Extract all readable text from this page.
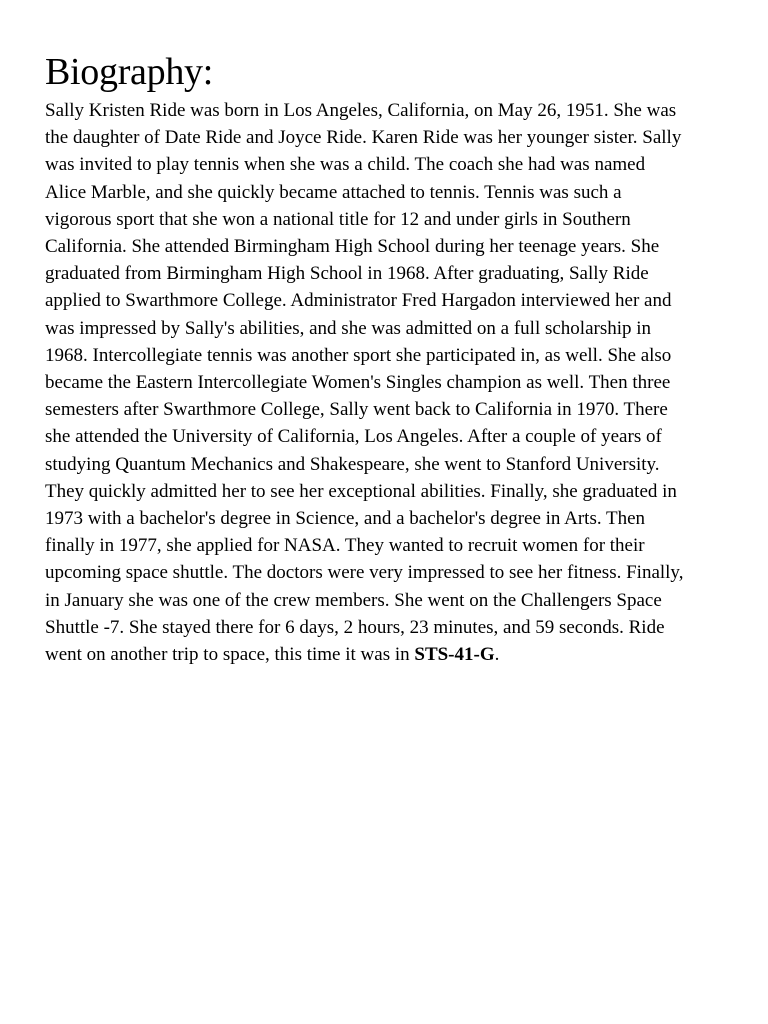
Biography:

Sally Kristen Ride was born in Los Angeles, California, on May 26, 1951. She was
the daughter of Date Ride and Joyce Ride. Karen Ride was her younger sister. Sally
was invited to play tennis when she was a child. The coach she had was named
Alice Marble, and she quickly became attached to tennis. Tennis was such a
vigorous sport that she won a national title for 12 and under girls in Southern
California. She attended Birmingham High School during her teenage years. She
graduated from Birmingham High School in 1968. After graduating, Sally Ride
applied to Swarthmore College. Administrator Fred Hargadon interviewed her and
was impressed by Sally's abilities, and she was admitted on a full scholarship in
1968. Intercollegiate tennis was another sport she participated in, as well. She also
became the Eastern Intercollegiate Women's Singles champion as well. Then three
semesters after Swarthmore College, Sally went back to California in 1970. There
she attended the University of California, Los Angeles. After a couple of years of
studying Quantum Mechanics and Shakespeare, she went to Stanford University.
They quickly admitted her to see her exceptional abilities. Finally, she graduated in
1973 with a bachelor's degree in Science, and a bachelor's degree in Arts. Then
finally in 1977, she applied for NASA. They wanted to recruit women for their
upcoming space shuttle. The doctors were very impressed to see her fitness. Finally,
in January she was one of the crew members. She went on the Challengers Space
Shuttle -7. She stayed there for 6 days, 2 hours, 23 minutes, and 59 seconds. Ride
went on another trip to space, this time it was in STS-41-G.
